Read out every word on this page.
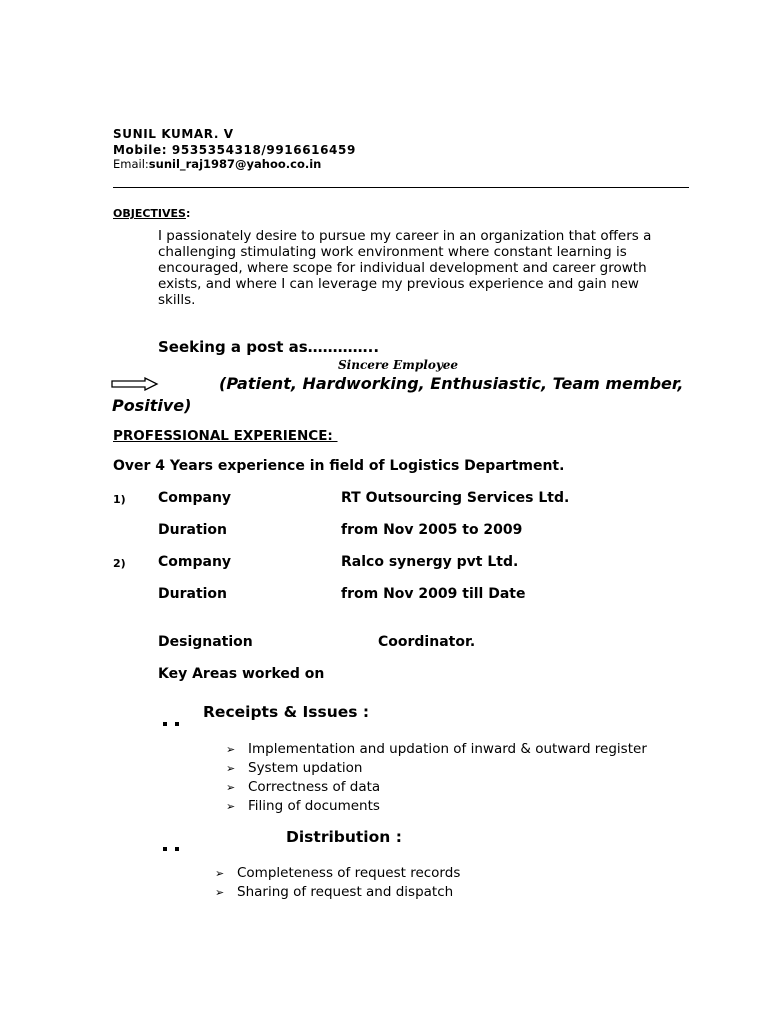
SUNIL KUMAR. V
Mobile: 9535354318/9916616459
Email:sunil_raj1987@yahoo.co.in
OBJECTIVES:
I passionately desire to pursue my career in an organization that offers a challenging stimulating work environment where constant learning is encouraged, where scope for individual development and career growth exists, and where I can leverage my previous experience and gain new skills.
Seeking a post as…………..
Sincere Employee
(Patient, Hardworking, Enthusiastic, Team member,
Positive)
PROFESSIONAL EXPERIENCE:
Over 4 Years experience in field of Logistics Department.
1) Company	RT Outsourcing Services Ltd.
Duration	from Nov 2005 to 2009
2) Company	Ralco synergy pvt Ltd.
Duration	from Nov 2009 till Date
Designation	Coordinator.
Key Areas worked on
Receipts & Issues :
➢ Implementation and updation of inward & outward register
➢ System updation
➢ Correctness of data
➢ Filing of documents
Distribution :
➢ Completeness of request records
➢ Sharing of request and dispatch
